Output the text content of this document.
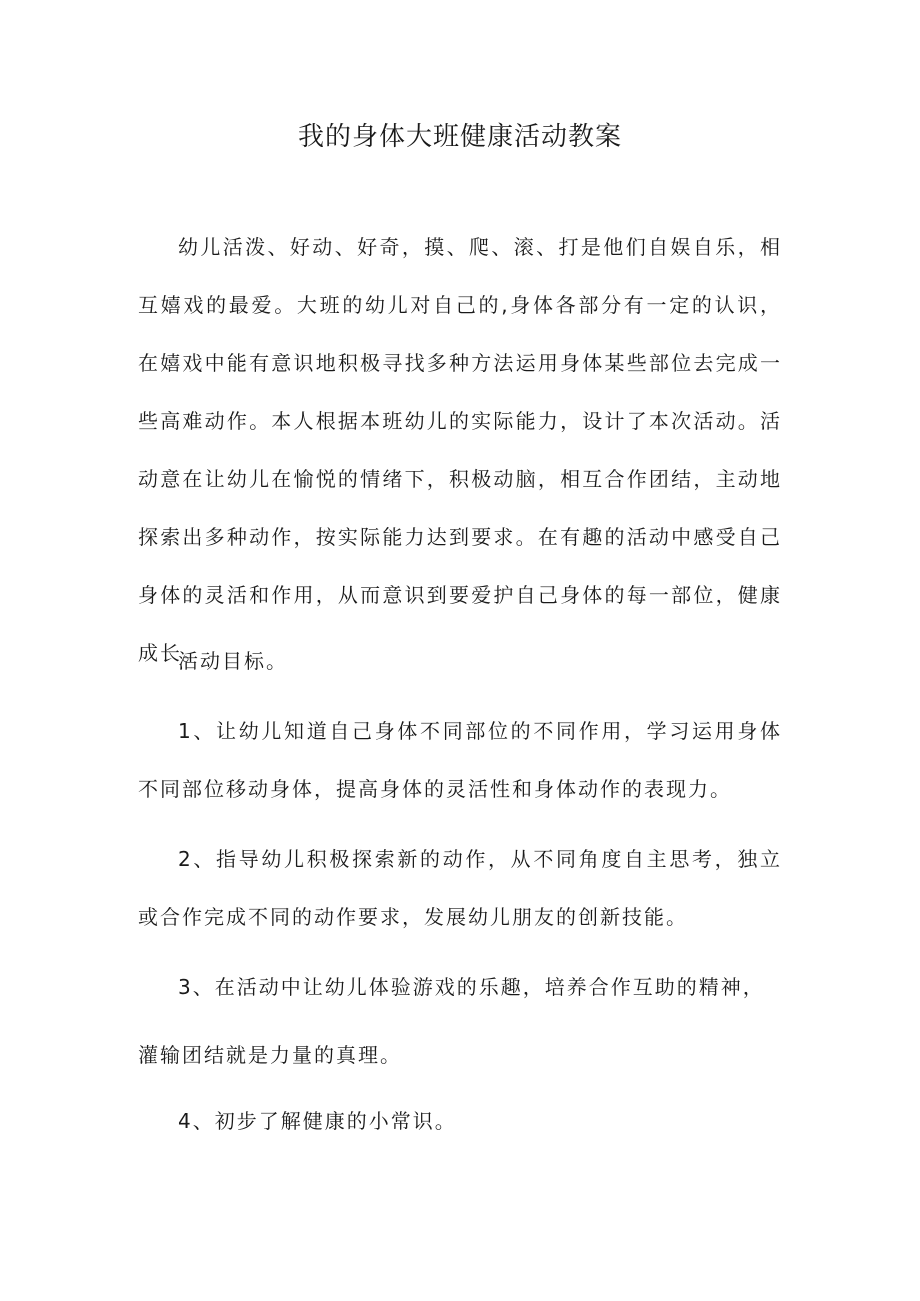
我的身体大班健康活动教案

幼儿活泼、好动、好奇，摸、爬、滚、打是他们自娱自乐，相互嬉戏的最爱。大班的幼儿对自己的,身体各部分有一定的认识，在嬉戏中能有意识地积极寻找多种方法运用身体某些部位去完成一些高难动作。本人根据本班幼儿的实际能力，设计了本次活动。活动意在让幼儿在愉悦的情绪下，积极动脑，相互合作团结，主动地探索出多种动作，按实际能力达到要求。在有趣的活动中感受自己身体的灵活和作用，从而意识到要爱护自己身体的每一部位，健康成长。

活动目标。

1、让幼儿知道自己身体不同部位的不同作用，学习运用身体不同部位移动身体，提高身体的灵活性和身体动作的表现力。

2、指导幼儿积极探索新的动作，从不同角度自主思考，独立或合作完成不同的动作要求，发展幼儿朋友的创新技能。

3、在活动中让幼儿体验游戏的乐趣，培养合作互助的精神，

灌输团结就是力量的真理。

4、初步了解健康的小常识。
